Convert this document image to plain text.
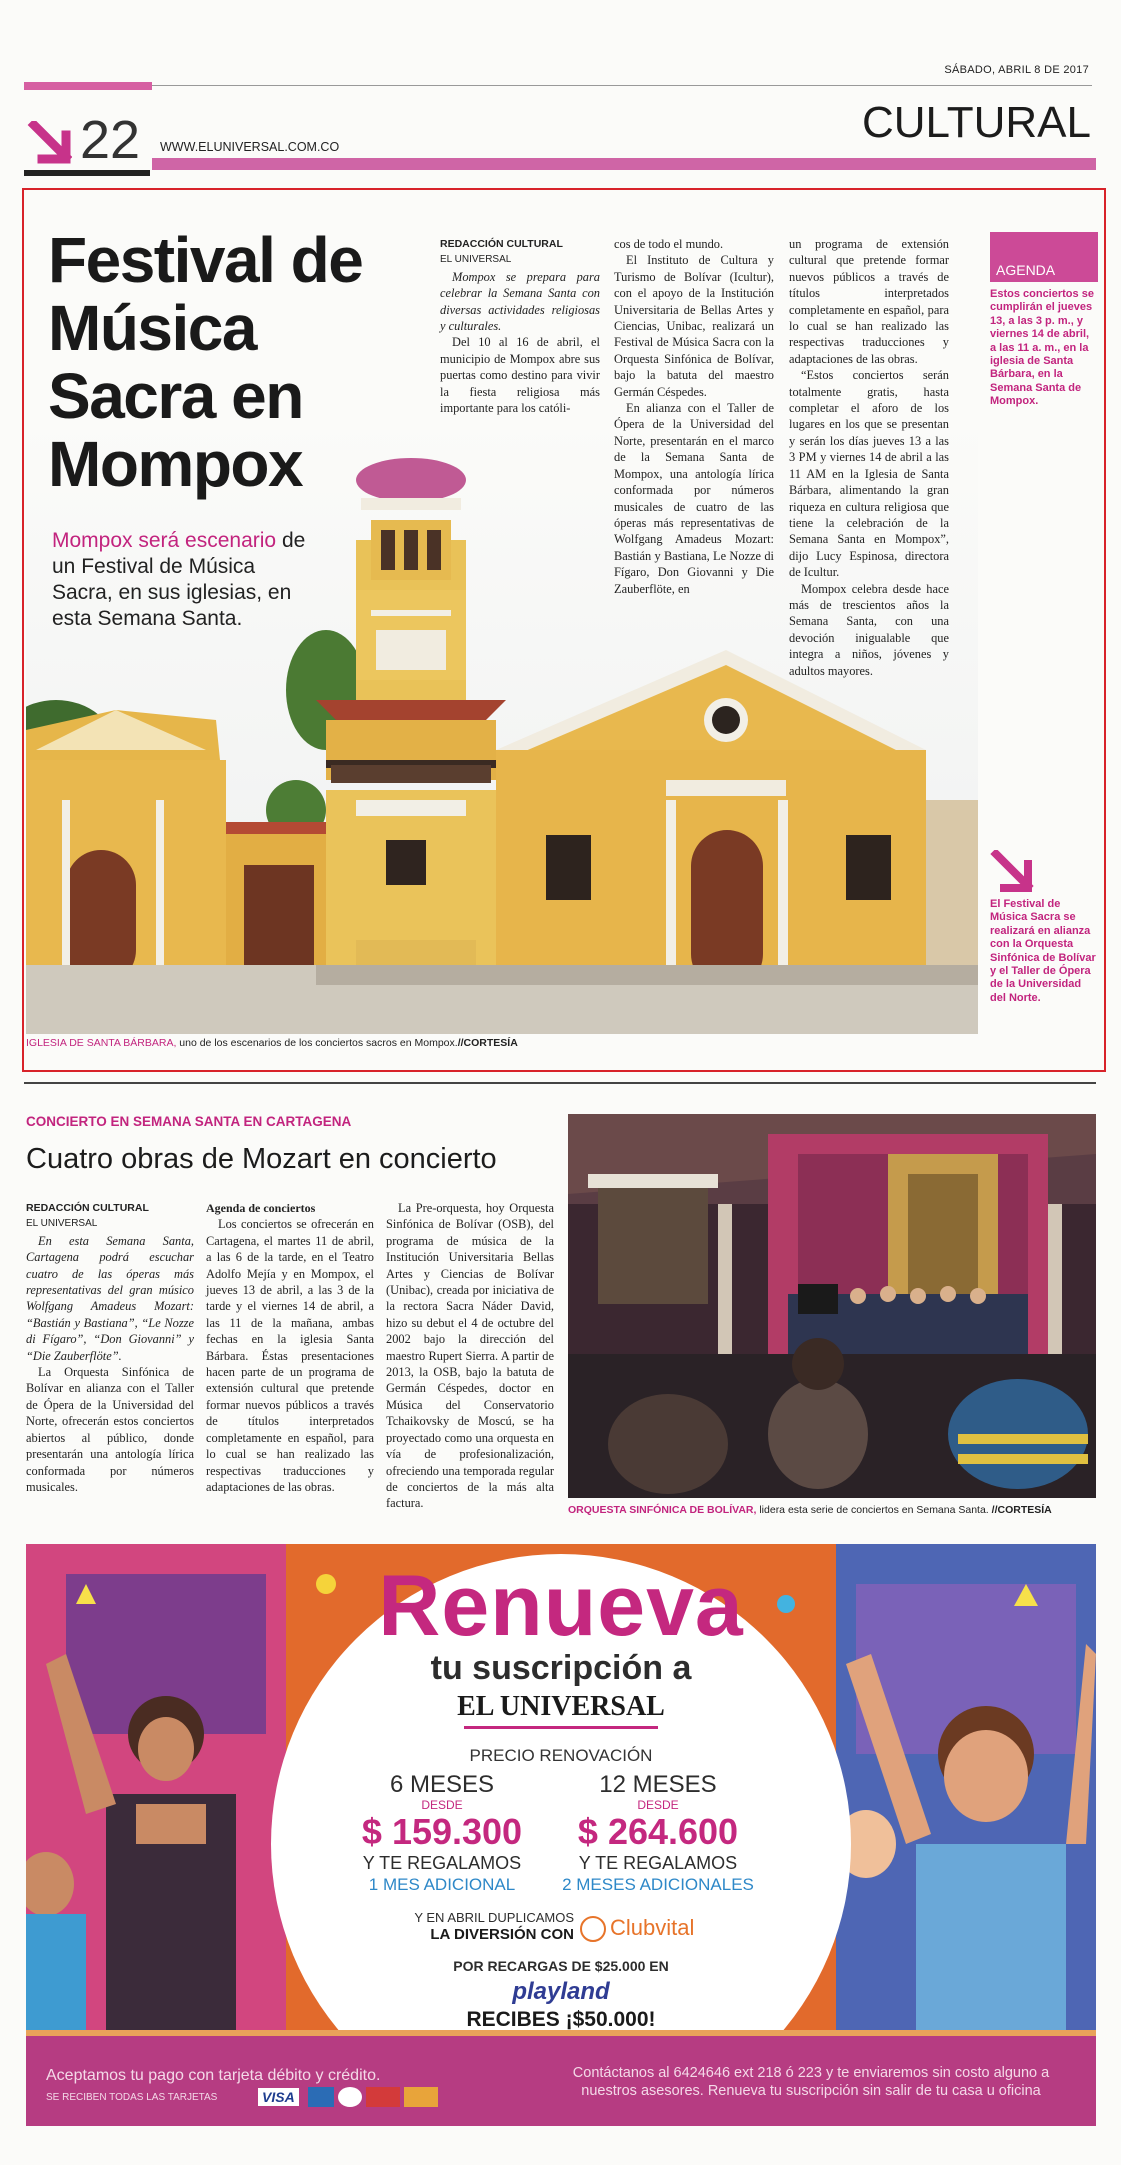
SÁBADO, ABRIL 8 DE 2017
22 WWW.ELUNIVERSAL.COM.CO	CULTURAL
Festival de Música Sacra en Mompox
Mompox será escenario de un Festival de Música Sacra, en sus iglesias, en esta Semana Santa.

REDACCIÓN CULTURAL

EL UNIVERSAL

Mompox se prepara para celebrar la Semana Santa con diversas actividades religiosas y culturales.

Del 10 al 16 de abril, el municipio de Mompox abre sus puertas como destino para vivir la fiesta religiosa más importante para los católi-

cos de todo el mundo.

El Instituto de Cultura y Turismo de Bolívar (Icultur), con el apoyo de la Institución Universitaria de Bellas Artes y Ciencias, Unibac, realizará un Festival de Música Sacra con la Orquesta Sinfónica de Bolívar, bajo la batuta del maestro Germán Céspedes.

En alianza con el Taller de Ópera de la Universidad del Norte, presentarán en el marco de la Semana Santa de Mompox, una antología lírica conformada por números musicales de cuatro de las óperas más representativas de Wolfgang Amadeus Mozart: Bastián y Bastiana, Le Nozze di Fígaro, Don Giovanni y Die Zauberflöte, en

un programa de extensión cultural que pretende formar nuevos públicos a través de títulos interpretados completamente en español, para lo cual se han realizado las respectivas traducciones y adaptaciones de las obras.

“Estos conciertos serán totalmente gratis, hasta completar el aforo de los lugares en los que se presentan y serán los días jueves 13 a las 3 PM y viernes 14 de abril a las 11 AM en la Iglesia de Santa Bárbara, alimentando la gran riqueza en cultura religiosa que tiene la celebración de la Semana Santa en Mompox”, dijo Lucy Espinosa, directora de Icultur.

Mompox celebra desde hace más de trescientos años la Semana Santa, con una devoción inigualable que integra a niños, jóvenes y adultos mayores.

AGENDA
Estos conciertos se cumplirán el jueves 13, a las 3 p. m., y viernes 14 de abril, a las 11 a. m., en la iglesia de Santa Bárbara, en la Semana Santa de Mompox.
El Festival de Música Sacra se realizará en alianza con la Orquesta Sinfónica de Bolívar y el Taller de Ópera de la Universidad del Norte.
IGLESIA DE SANTA BÁRBARA, uno de los escenarios de los conciertos sacros en Mompox.//CORTESÍA
CONCIERTO EN SEMANA SANTA EN CARTAGENA
Cuatro obras de Mozart en concierto

REDACCIÓN CULTURAL

EL UNIVERSAL

En esta Semana Santa, Cartagena podrá escuchar cuatro de las óperas más representativas del gran músico Wolfgang Amadeus Mozart: “Bastián y Bastiana”, “Le Nozze di Fígaro”, “Don Giovanni” y “Die Zauberflöte”.

La Orquesta Sinfónica de Bolívar en alianza con el Taller de Ópera de la Universidad del Norte, ofrecerán estos conciertos abiertos al público, donde presentarán una antología lírica conformada por números musicales.

Agenda de conciertos

Los conciertos se ofrecerán en Cartagena, el martes 11 de abril, a las 6 de la tarde, en el Teatro Adolfo Mejía y en Mompox, el jueves 13 de abril, a las 3 de la tarde y el viernes 14 de abril, a las 11 de la mañana, ambas fechas en la iglesia Santa Bárbara. Éstas presentaciones hacen parte de un programa de extensión cultural que pretende formar nuevos públicos a través de títulos interpretados completamente en español, para lo cual se han realizado las respectivas traducciones y adaptaciones de las obras.

La Pre-orquesta, hoy Orquesta Sinfónica de Bolívar (OSB), del programa de música de la Institución Universitaria Bellas Artes y Ciencias de Bolívar (Unibac), creada por iniciativa de la rectora Sacra Náder David, hizo su debut el 4 de octubre del 2002 bajo la dirección del maestro Rupert Sierra. A partir de 2013, la OSB, bajo la batuta de Germán Céspedes, doctor en Música del Conservatorio Tchaikovsky de Moscú, se ha proyectado como una orquesta en vía de profesionalización, ofreciendo una temporada regular de conciertos de la más alta factura.	ORQUESTA SINFÓNICA DE BOLÍVAR, lidera esta serie de conciertos en Semana Santa. //CORTESÍA
Renueva
tu suscripción a
EL UNIVERSAL
PRECIO RENOVACIÓN
6 MESES
DESDE
$ 159.300
Y TE REGALAMOS
1 MES ADICIONAL
12 MESES
DESDE
$ 264.600
Y TE REGALAMOS
2 MESES ADICIONALES
Y EN ABRIL DUPLICAMOS
LA DIVERSIÓN CON Clubvital
POR RECARGAS DE $25.000 EN
playland
RECIBES ¡$50.000!
Aceptamos tu pago con tarjeta débito y crédito.
SE RECIBEN TODAS LAS TARJETAS	VISA
Contáctanos al 6424646 ext 218 ó 223 y te enviaremos sin costo alguno a nuestros asesores. Renueva tu suscripción sin salir de tu casa u oficina
